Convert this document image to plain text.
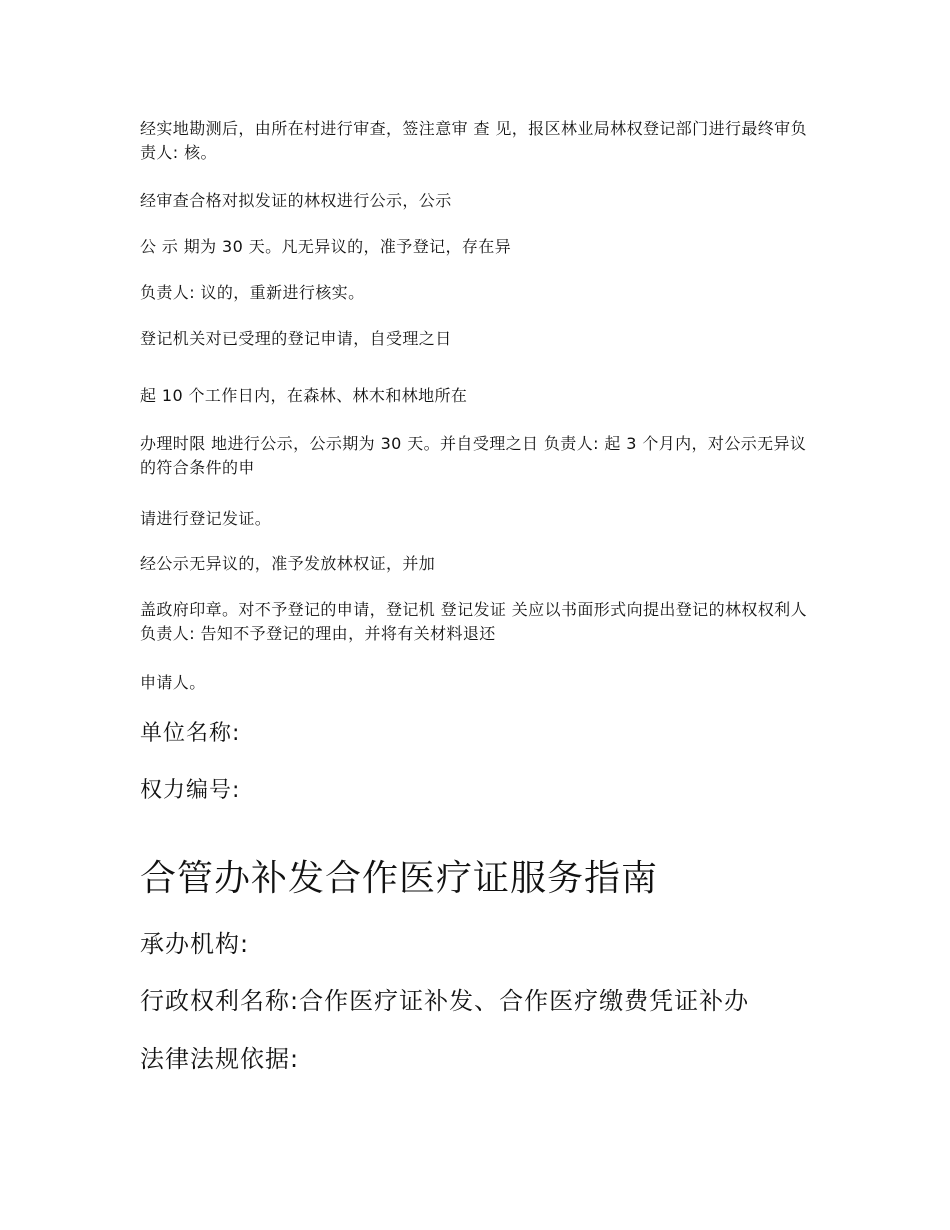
经实地勘测后，由所在村进行审查，签注意审 查 见，报区林业局林权登记部门进行最终审负责人: 核。
经审查合格对拟发证的林权进行公示，公示
公 示 期为 30 天。凡无异议的，准予登记，存在异
负责人: 议的，重新进行核实。
登记机关对已受理的登记申请，自受理之日
起 10 个工作日内，在森林、林木和林地所在
办理时限 地进行公示，公示期为 30 天。并自受理之日 负责人: 起 3 个月内，对公示无异议的符合条件的申
请进行登记发证。
经公示无异议的，准予发放林权证，并加
盖政府印章。对不予登记的申请，登记机 登记发证 关应以书面形式向提出登记的林权权利人 负责人: 告知不予登记的理由，并将有关材料退还
申请人。
单位名称:
权力编号:
合管办补发合作医疗证服务指南
承办机构:
行政权利名称:合作医疗证补发、合作医疗缴费凭证补办
法律法规依据:
